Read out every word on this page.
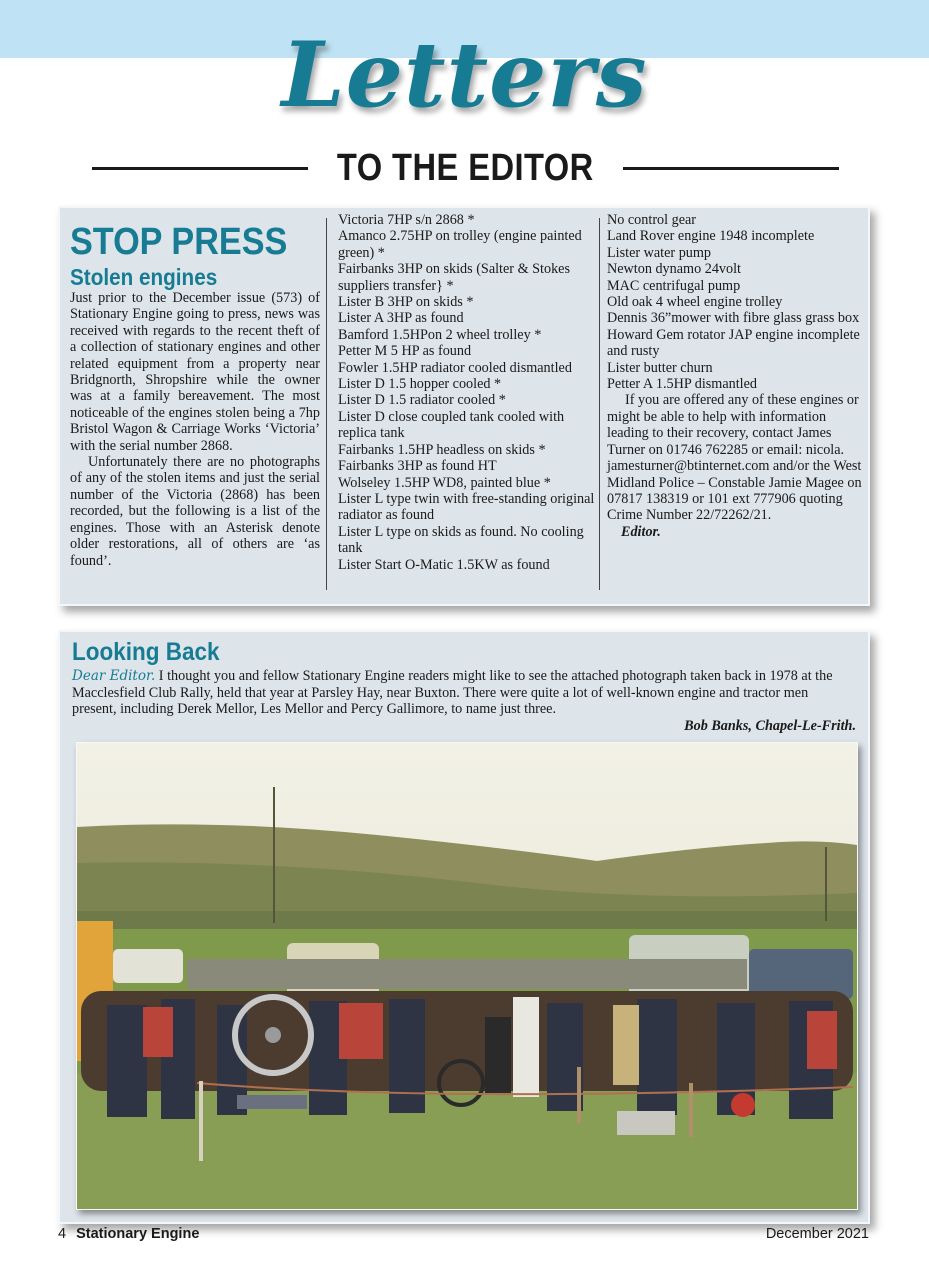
Letters
TO THE EDITOR
STOP PRESS
Stolen engines
Just prior to the December issue (573) of Stationary Engine going to press, news was received with regards to the recent theft of a collection of stationary engines and other related equipment from a property near Bridgnorth, Shropshire while the owner was at a family bereavement. The most noticeable of the engines stolen being a 7hp Bristol Wagon & Carriage Works ‘Victoria’ with the serial number 2868.
Unfortunately there are no photographs of any of the stolen items and just the serial number of the Victoria (2868) has been recorded, but the following is a list of the engines. Those with an Asterisk denote older restorations, all of others are ‘as found’.
Victoria 7HP s/n 2868 *
Amanco 2.75HP on trolley (engine painted green) *
Fairbanks 3HP on skids (Salter & Stokes suppliers transfer} *
Lister B 3HP on skids *
Lister A 3HP as found
Bamford 1.5HPon 2 wheel trolley *
Petter M 5 HP as found
Fowler 1.5HP radiator cooled dismantled
Lister D 1.5 hopper cooled *
Lister D 1.5 radiator cooled *
Lister D close coupled tank cooled with replica tank
Fairbanks 1.5HP headless on skids *
Fairbanks 3HP as found HT
Wolseley 1.5HP WD8, painted blue *
Lister L type twin with free-standing original radiator as found
Lister L type on skids as found. No cooling tank
Lister Start O-Matic 1.5KW as found
No control gear
Land Rover engine 1948 incomplete
Lister water pump
Newton dynamo 24volt
MAC centrifugal pump
Old oak 4 wheel engine trolley
Dennis 36”mower with fibre glass grass box
Howard Gem rotator JAP engine incomplete and rusty
Lister butter churn
Petter A 1.5HP dismantled
If you are offered any of these engines or might be able to help with information leading to their recovery, contact James Turner on 01746 762285 or email: nicola. jamesturner@btinternet.com and/or the West Midland Police – Constable Jamie Magee on 07817 138319 or 101 ext 777906 quoting Crime Number 22/72262/21.
Editor.
Looking Back
Dear Editor. I thought you and fellow Stationary Engine readers might like to see the attached photograph taken back in 1978 at the Macclesfield Club Rally, held that year at Parsley Hay, near Buxton. There were quite a lot of well-known engine and tractor men present, including Derek Mellor, Les Mellor and Percy Gallimore, to name just three.
Bob Banks, Chapel-Le-Frith.
4 Stationary Engine	December 2021
